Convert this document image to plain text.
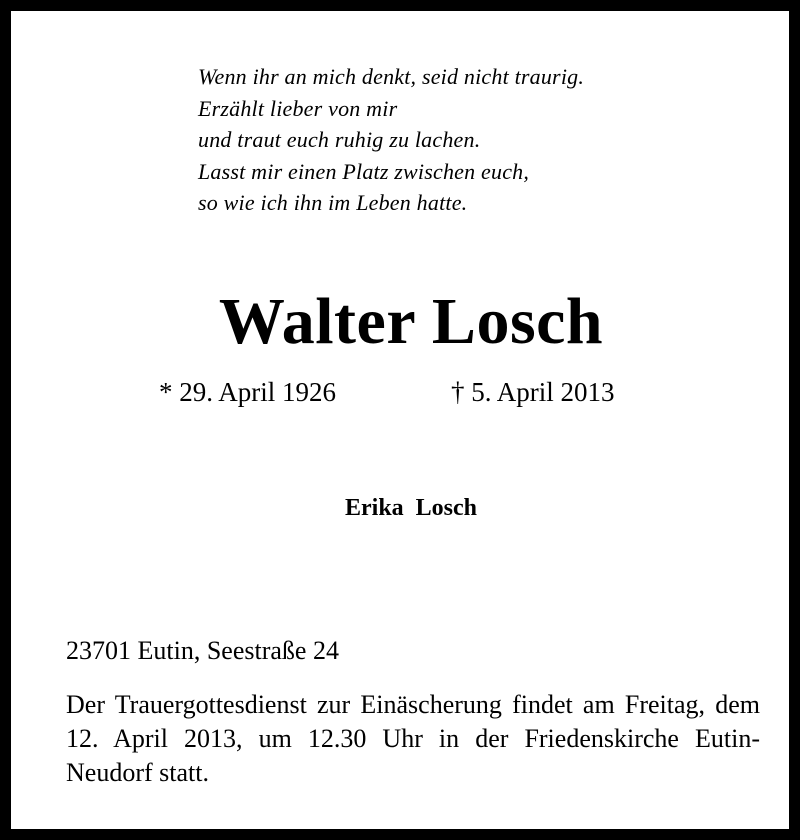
Wenn ihr an mich denkt, seid nicht traurig.
Erzählt lieber von mir
und traut euch ruhig zu lachen.
Lasst mir einen Platz zwischen euch,
so wie ich ihn im Leben hatte.
Walter Losch
* 29. April 1926	† 5. April 2013
Erika  Losch
23701 Eutin, Seestraße 24
Der Trauergottesdienst zur Einäscherung findet am Freitag, dem 12. April 2013, um 12.30 Uhr in der Friedenskirche Eutin-Neudorf statt.
